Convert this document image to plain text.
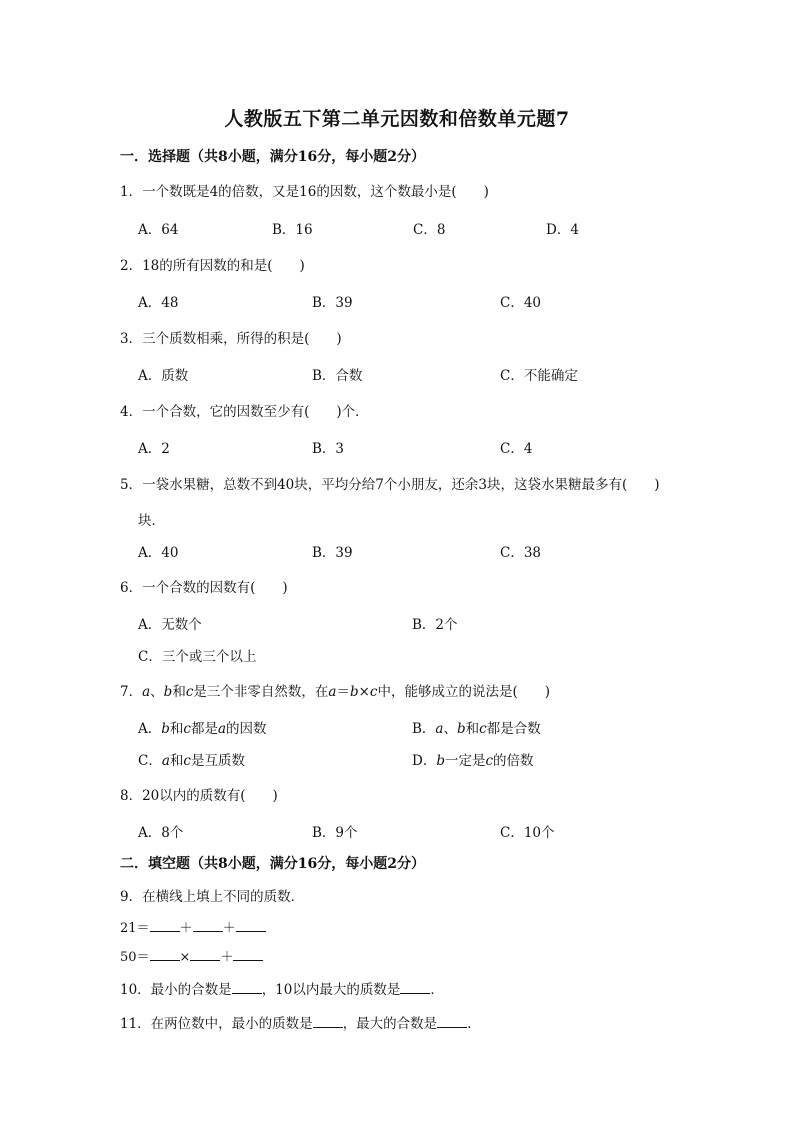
人教版五下第二单元因数和倍数单元题7
一．选择题（共8小题，满分16分，每小题2分）
1．一个数既是4的倍数，又是16的因数，这个数最小是(　　)
A．64	B．16	C．8	D．4
2．18的所有因数的和是(　　)
A．48	B．39	C．40
3．三个质数相乘，所得的积是(　　)
A．质数	B．合数	C．不能确定
4．一个合数，它的因数至少有(　　)个．
A．2	B．3	C．4
5．一袋水果糖，总数不到40块，平均分给7个小朋友，还余3块，这袋水果糖最多有(　　)
块．
A．40	B．39	C．38
6．一个合数的因数有(　　)
A．无数个	B．2个
C．三个或三个以上
7．a、b和c是三个非零自然数，在a＝b×c中，能够成立的说法是(　　)
A．b和c都是a的因数	B．a、b和c都是合数
C．a和c是互质数	D．b一定是c的倍数
8．20以内的质数有(　　)
A．8个	B．9个	C．10个
二．填空题（共8小题，满分16分，每小题2分）
9．在横线上填上不同的质数．
21＝ ＋ ＋
50＝ × ＋
10．最小的合数是 ，10以内最大的质数是 ．
11．在两位数中，最小的质数是 ，最大的合数是 ．
